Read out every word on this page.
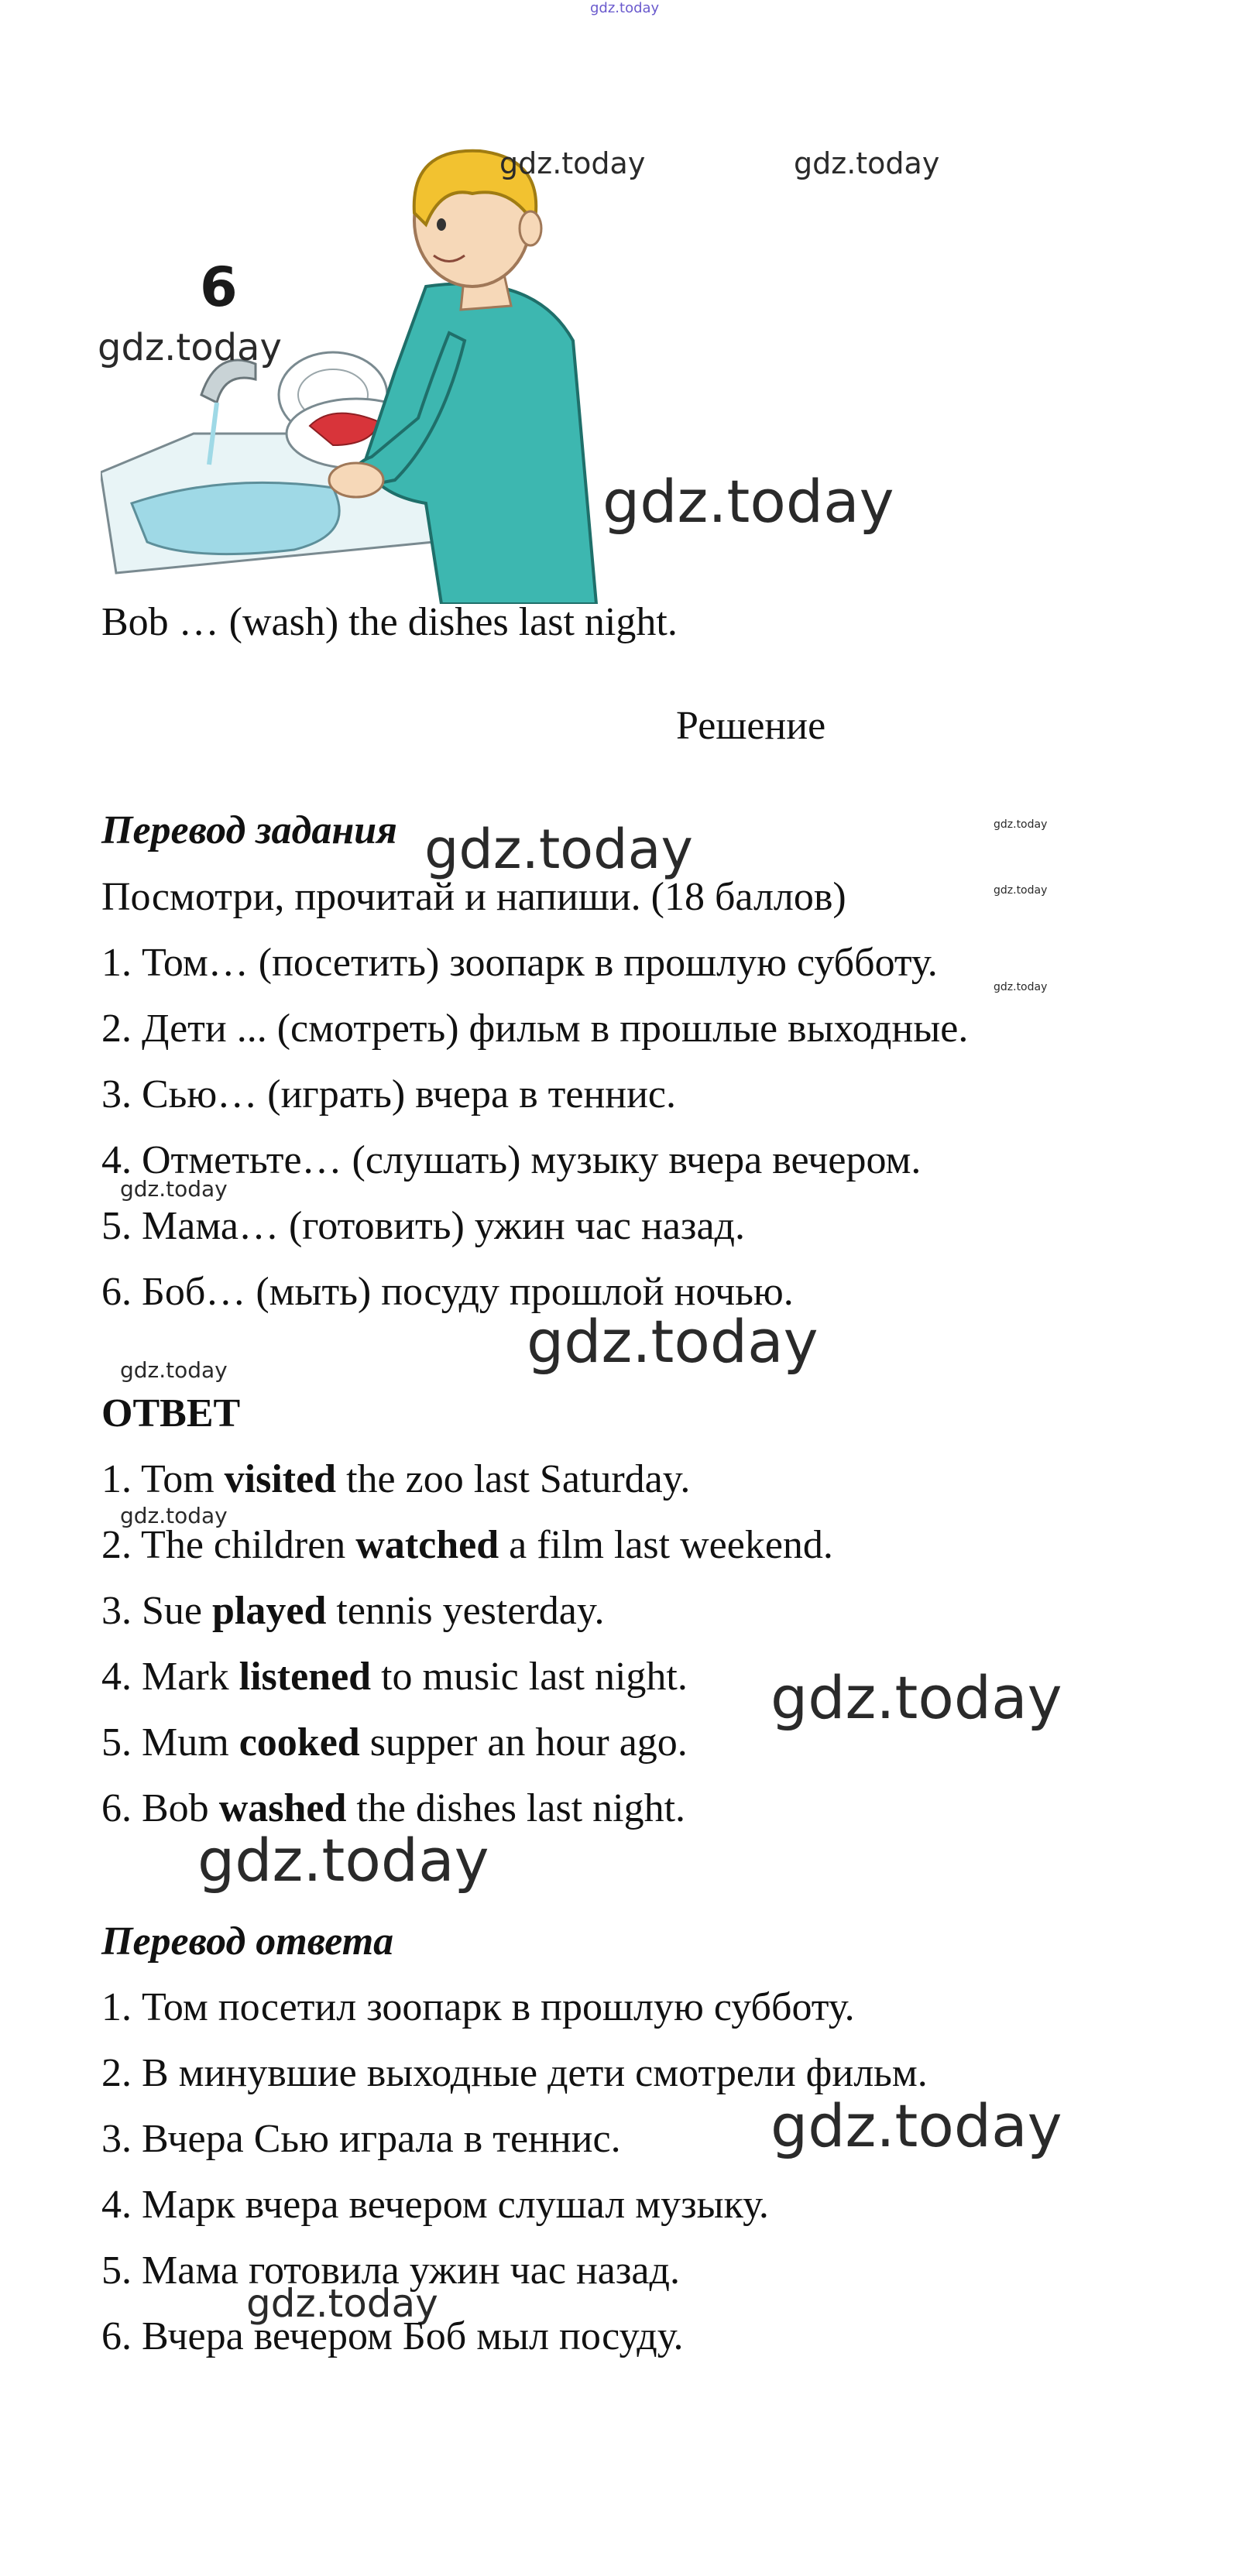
gdz.today
6
gdz.today	gdz.today
gdz.today
gdz.today
Bob … (wash) the dishes last night.
Решение
Перевод задания gdz.today	gdz.today
gdz.today
gdz.today
Посмотри, прочитай и напиши. (18 баллов)
1. Том… (посетить) зоопарк в прошлую субботу.
2. Дети ... (смотреть) фильм в прошлые выходные.
3. Сью… (играть) вчера в теннис.
4. Отметьте… (слушать) музыку вчера вечером.
gdz.today
5. Мама… (готовить) ужин час назад.
6. Боб… (мыть) посуду прошлой ночью.
gdz.today
gdz.today
ОТВЕТ
1. Tom visited the zoo last Saturday.
gdz.today
2. The children watched a film last weekend.
3. Sue played tennis yesterday.
4. Mark listened to music last night. gdz.today
5. Mum cooked supper an hour ago.
6. Bob washed the dishes last night.
gdz.today
Перевод ответа
1. Том посетил зоопарк в прошлую субботу.
2. В минувшие выходные дети смотрели фильм.
gdz.today
3. Вчера Сью играла в теннис.
4. Марк вчера вечером слушал музыку.
5. Мама готовила ужин час назад.
gdz.today
6. Вчера вечером Боб мыл посуду.
